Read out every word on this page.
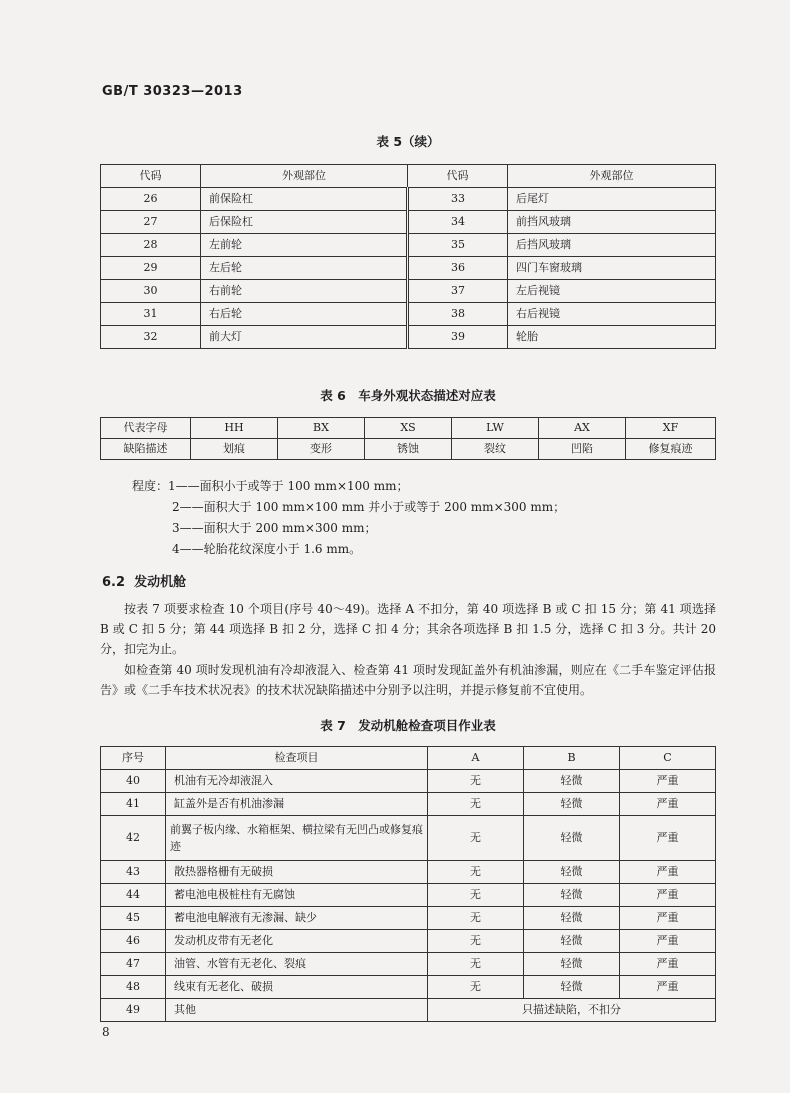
GB/T 30323—2013
表 5（续）
代码	外观部位	代码	外观部位
26	前保险杠	33	后尾灯
27	后保险杠	34	前挡风玻璃
28	左前轮	35	后挡风玻璃
29	左后轮	36	四门车窗玻璃
30	右前轮	37	左后视镜
31	右后轮	38	右后视镜
32	前大灯	39	轮胎
表 6　车身外观状态描述对应表
代表字母	HH	BX	XS	LW	AX	XF
缺陷描述	划痕	变形	锈蚀	裂纹	凹陷	修复痕迹
程度：1——面积小于或等于 100 mm×100 mm；
2——面积大于 100 mm×100 mm 并小于或等于 200 mm×300 mm；
3——面积大于 200 mm×300 mm；
4——轮胎花纹深度小于 1.6 mm。
6.2 发动机舱
按表 7 项要求检查 10 个项目(序号 40～49)。选择 A 不扣分，第 40 项选择 B 或 C 扣 15 分；第 41 项选择 B 或 C 扣 5 分；第 44 项选择 B 扣 2 分，选择 C 扣 4 分；其余各项选择 B 扣 1.5 分，选择 C 扣 3 分。共计 20 分，扣完为止。
如检查第 40 项时发现机油有冷却液混入、检查第 41 项时发现缸盖外有机油渗漏，则应在《二手车鉴定评估报告》或《二手车技术状况表》的技术状况缺陷描述中分别予以注明，并提示修复前不宜使用。
表 7　发动机舱检查项目作业表
序号	检查项目	A	B	C
40	机油有无冷却液混入	无	轻微	严重
41	缸盖外是否有机油渗漏	无	轻微	严重
42	前翼子板内缘、水箱框架、横拉梁有无凹凸或修复痕迹	无	轻微	严重
43	散热器格栅有无破损	无	轻微	严重
44	蓄电池电极桩柱有无腐蚀	无	轻微	严重
45	蓄电池电解液有无渗漏、缺少	无	轻微	严重
46	发动机皮带有无老化	无	轻微	严重
47	油管、水管有无老化、裂痕	无	轻微	严重
48	线束有无老化、破损	无	轻微	严重
49	其他	只描述缺陷，不扣分		
8
